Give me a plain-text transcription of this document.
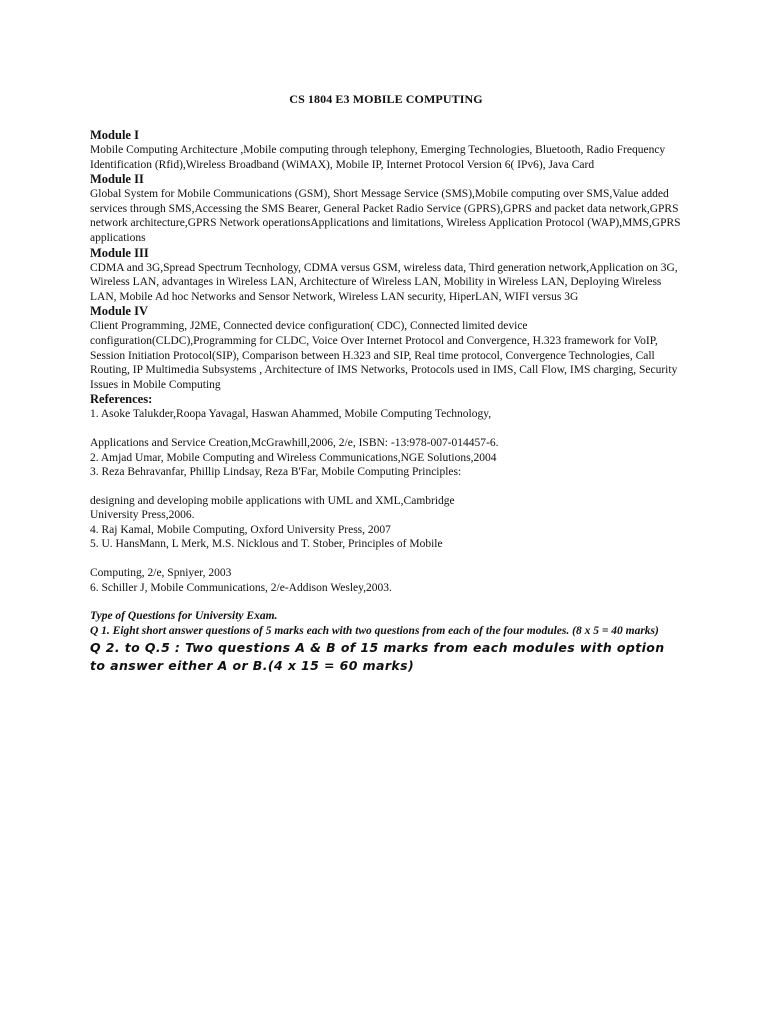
CS 1804 E3 MOBILE COMPUTING
Module I

Mobile Computing Architecture ,Mobile computing through telephony, Emerging Technologies, Bluetooth, Radio Frequency Identification (Rfid),Wireless Broadband (WiMAX), Mobile IP, Internet Protocol Version 6( IPv6), Java Card

Module II

Global System for Mobile Communications (GSM), Short Message Service (SMS),Mobile computing over SMS,Value added services through SMS,Accessing the SMS Bearer, General Packet Radio Service (GPRS),GPRS and packet data network,GPRS network architecture,GPRS Network operationsApplications and limitations, Wireless Application Protocol (WAP),MMS,GPRS applications

Module III

CDMA and 3G,Spread Spectrum Tecnhology, CDMA versus GSM, wireless data, Third generation network,Application on 3G, Wireless LAN, advantages in Wireless LAN, Architecture of Wireless LAN, Mobility in Wireless LAN, Deploying Wireless LAN, Mobile Ad hoc Networks and Sensor Network, Wireless LAN security, HiperLAN, WIFI versus 3G

Module IV

Client Programming, J2ME, Connected device configuration( CDC), Connected limited device configuration(CLDC),Programming for CLDC, Voice Over Internet Protocol and Convergence, H.323 framework for VoIP, Session Initiation Protocol(SIP), Comparison between H.323 and SIP, Real time protocol, Convergence Technologies, Call Routing, IP Multimedia Subsystems , Architecture of IMS Networks, Protocols used in IMS, Call Flow, IMS charging, Security Issues in Mobile Computing

References:

1. Asoke Talukder,Roopa Yavagal, Haswan Ahammed, Mobile Computing Technology,

Applications and Service Creation,McGrawhill,2006, 2/e, ISBN: -13:978-007-014457-6.

2. Amjad Umar, Mobile Computing and Wireless Communications,NGE Solutions,2004

3. Reza Behravanfar, Phillip Lindsay, Reza B'Far, Mobile Computing Principles:

designing and developing mobile applications with UML and XML,Cambridge

University Press,2006.

4. Raj Kamal, Mobile Computing, Oxford University Press, 2007

5. U. HansMann, L Merk, M.S. Nicklous and T. Stober, Principles of Mobile

Computing, 2/e, Spniyer, 2003

6. Schiller J, Mobile Communications, 2/e-Addison Wesley,2003.

Type of Questions for University Exam.

Q 1. Eight short answer questions of 5 marks each with two questions from each of the four modules. (8 x 5 = 40 marks)

Q 2. to Q.5 : Two questions A & B of 15 marks from each modules with option to answer either A or B.(4 x 15 = 60 marks)
